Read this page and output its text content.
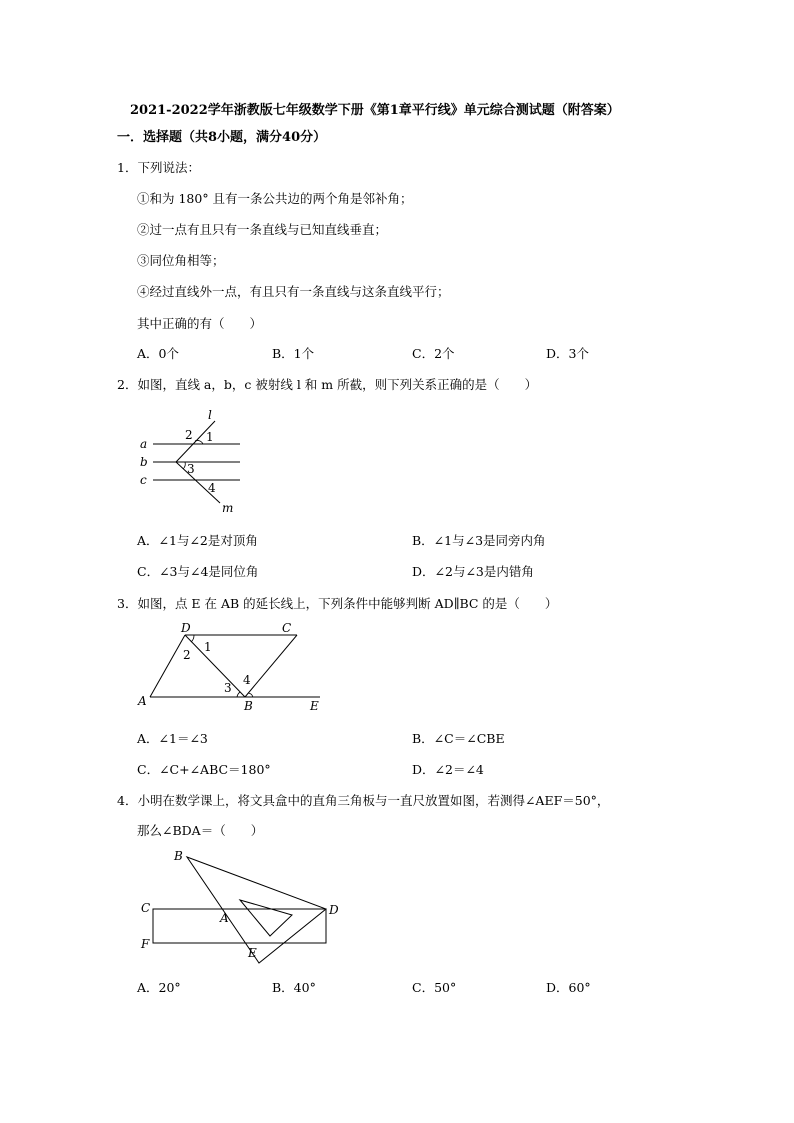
2021-2022学年浙教版七年级数学下册《第1章平行线》单元综合测试题（附答案）
一．选择题（共8小题，满分40分）
1．下列说法：
①和为 180° 且有一条公共边的两个角是邻补角；
②过一点有且只有一条直线与已知直线垂直；
③同位角相等；
④经过直线外一点，有且只有一条直线与这条直线平行；
其中正确的有（　　）
A．0个	B．1个	C．2个	D．3个
2．如图，直线 a，b，c 被射线 l 和 m 所截，则下列关系正确的是（　　）
l
a
b
c
m
2 1
3
4
A．∠1与∠2是对顶角	B．∠1与∠3是同旁内角
C．∠3与∠4是同位角	D．∠2与∠3是内错角
3．如图，点 E 在 AB 的延长线上，下列条件中能够判断 AD∥BC 的是（　　）
D	C
A	B	E
1
2
3
4
A．∠1＝∠3	B．∠C＝∠CBE
C．∠C+∠ABC＝180°	D．∠2＝∠4
4．小明在数学课上，将文具盒中的直角三角板与一直尺放置如图，若测得∠AEF＝50°，
那么∠BDA＝（　　）
B
C	D
A
F
E
A．20°	B．40°	C．50°	D．60°
